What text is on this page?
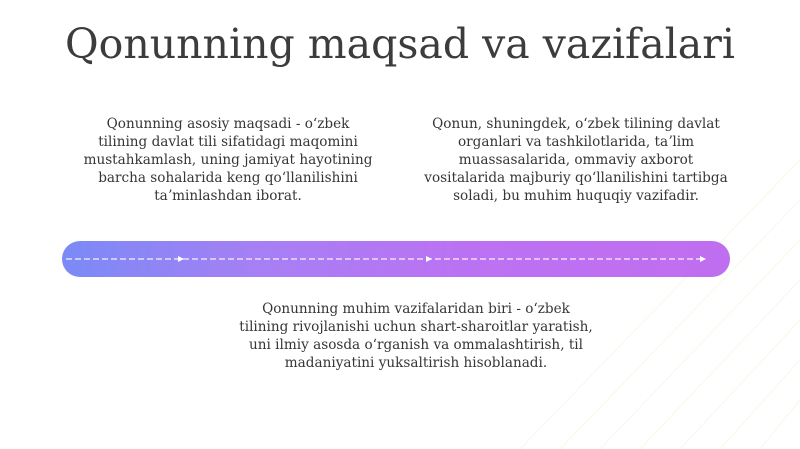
Qonunning maqsad va vazifalari

Qonunning asosiy maqsadi - oʻzbek tilining davlat tili sifatidagi maqomini mustahkamlash, uning jamiyat hayotining barcha sohalarida keng qoʻllanilishini taʼminlashdan iborat.

Qonun, shuningdek, oʻzbek tilining davlat organlari va tashkilotlarida, taʼlim muassasalarida, ommaviy axborot vositalarida majburiy qoʻllanilishini tartibga soladi, bu muhim huquqiy vazifadir.

Qonunning muhim vazifalaridan biri - oʻzbek tilining rivojlanishi uchun shart-sharoitlar yaratish, uni ilmiy asosda oʻrganish va ommalashtirish, til madaniyatini yuksaltirish hisoblanadi.
